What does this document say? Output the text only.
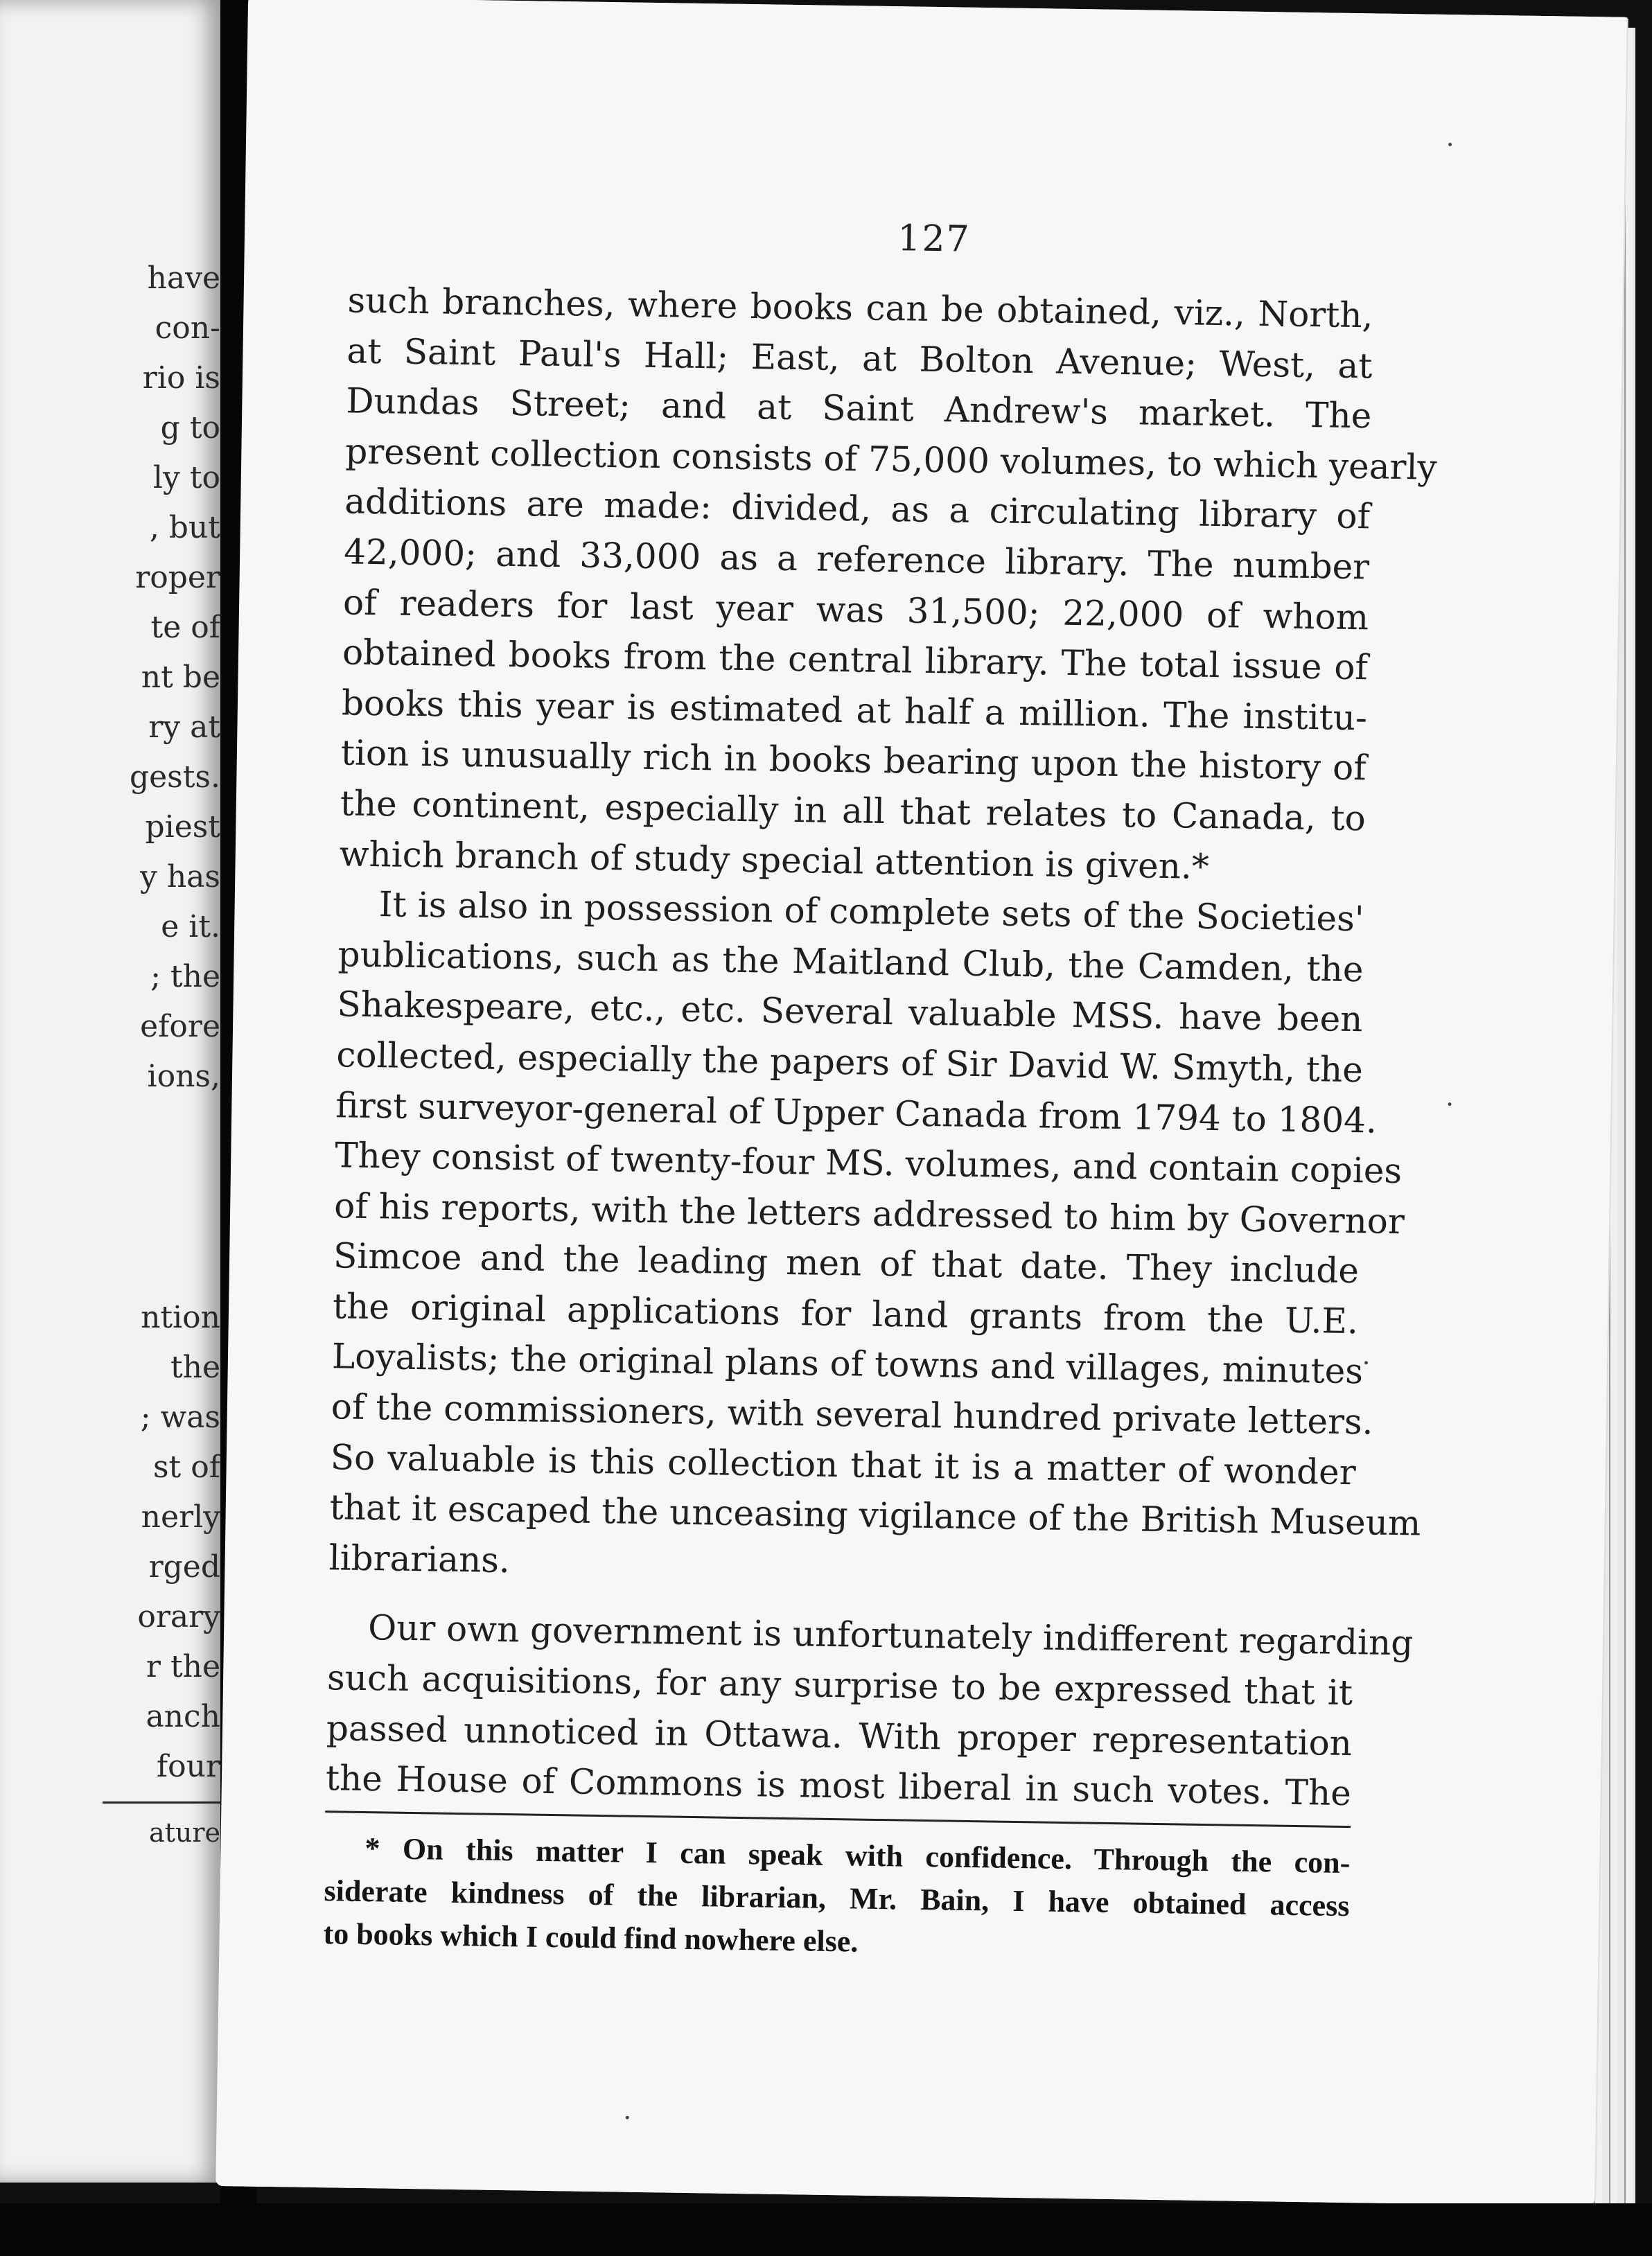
have
con-
rio is
g to
ly to
, but
roper
te of
nt be
ry at
gests.
piest
y has
e it.
; the
efore
ions,
ntion
the
; was
st of
nerly
rged
orary
r the
anch
four
ature
127
such branches, where books can be obtained, viz., North,
at Saint Paul's Hall; East, at Bolton Avenue; West, at
Dundas Street; and at Saint Andrew's market. The
present collection consists of 75,000 volumes, to which yearly
additions are made: divided, as a circulating library of
42,000; and 33,000 as a reference library. The number
of readers for last year was 31,500; 22,000 of whom
obtained books from the central library. The total issue of
books this year is estimated at half a million. The institu-
tion is unusually rich in books bearing upon the history of
the continent, especially in all that relates to Canada, to
which branch of study special attention is given.*
It is also in possession of complete sets of the Societies'
publications, such as the Maitland Club, the Camden, the
Shakespeare, etc., etc. Several valuable MSS. have been
collected, especially the papers of Sir David W. Smyth, the
first surveyor-general of Upper Canada from 1794 to 1804.
They consist of twenty-four MS. volumes, and contain copies
of his reports, with the letters addressed to him by Governor
Simcoe and the leading men of that date. They include
the original applications for land grants from the U.E.
Loyalists; the original plans of towns and villages, minutes
of the commissioners, with several hundred private letters.
So valuable is this collection that it is a matter of wonder
that it escaped the unceasing vigilance of the British Museum
librarians.
Our own government is unfortunately indifferent regarding
such acquisitions, for any surprise to be expressed that it
passed unnoticed in Ottawa. With proper representation
the House of Commons is most liberal in such votes. The
* On this matter I can speak with confidence. Through the con-
siderate kindness of the librarian, Mr. Bain, I have obtained access
to books which I could find nowhere else.
